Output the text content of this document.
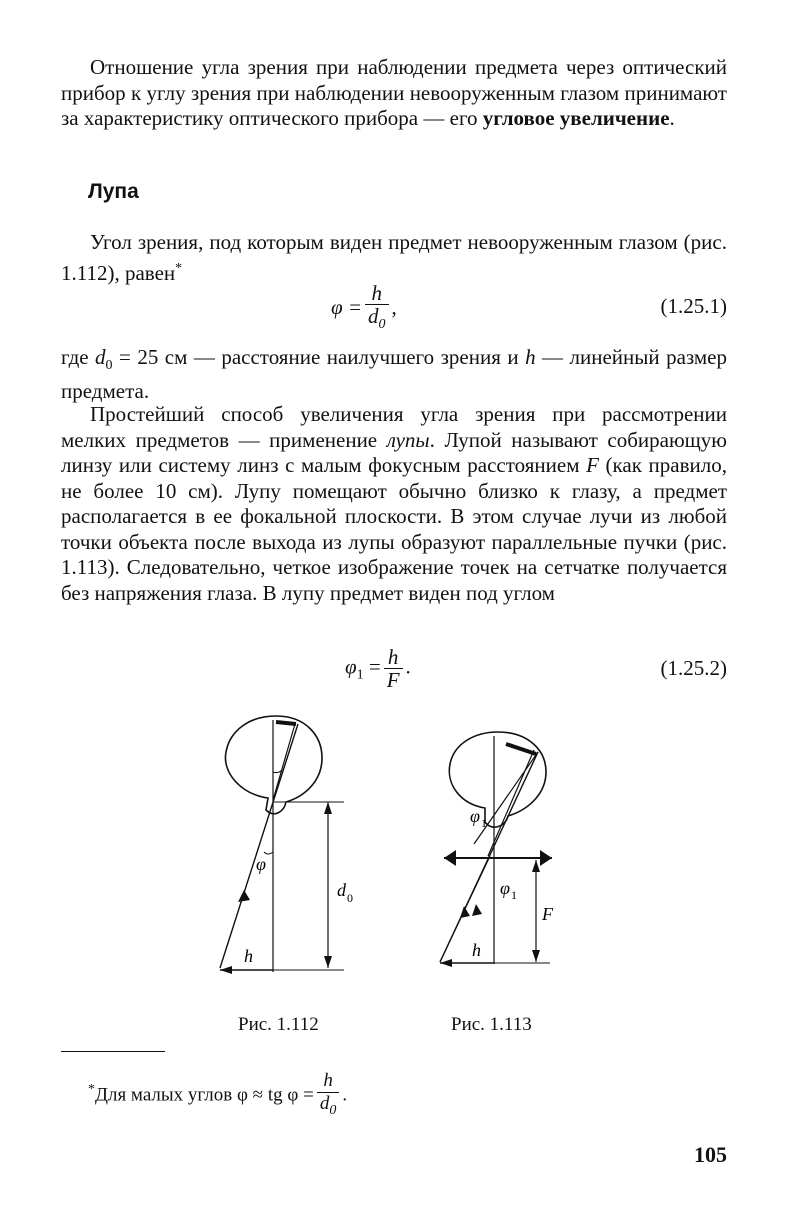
Отношение угла зрения при наблюдении предмета через оптический прибор к углу зрения при наблюдении невооруженным глазом принимают за характеристику оптического прибора — его угловое увеличение.
Лупа
Угол зрения, под которым виден предмет невооруженным глазом (рис. 1.112), равен*
$\varphi = \frac{h}{d_0}$ ,	(1.25.1)
где $d_0 = 25$ см — расстояние наилучшего зрения и h — линейный размер предмета.
Простейший способ увеличения угла зрения при рассмотрении мелких предметов — применение лупы. Лупой называют собирающую линзу или систему линз с малым фокусным расстоянием F (как правило, не более 10 см). Лупу помещают обычно близко к глазу, а предмет располагается в ее фокальной плоскости. В этом случае лучи из любой точки объекта после выхода из лупы образуют параллельные пучки (рис. 1.113). Следовательно, четкое изображение точек на сетчатке получается без напряжения глаза. В лупу предмет виден под углом
$\varphi_1 = \frac{h}{F}$ .	(1.25.2)
φ
d 0
h
Рис. 1.112
φ 1
φ 1
F
h
Рис. 1.113
*Для малых углов φ ≈ tg $\varphi = \frac{h}{d_0}$ .
105
